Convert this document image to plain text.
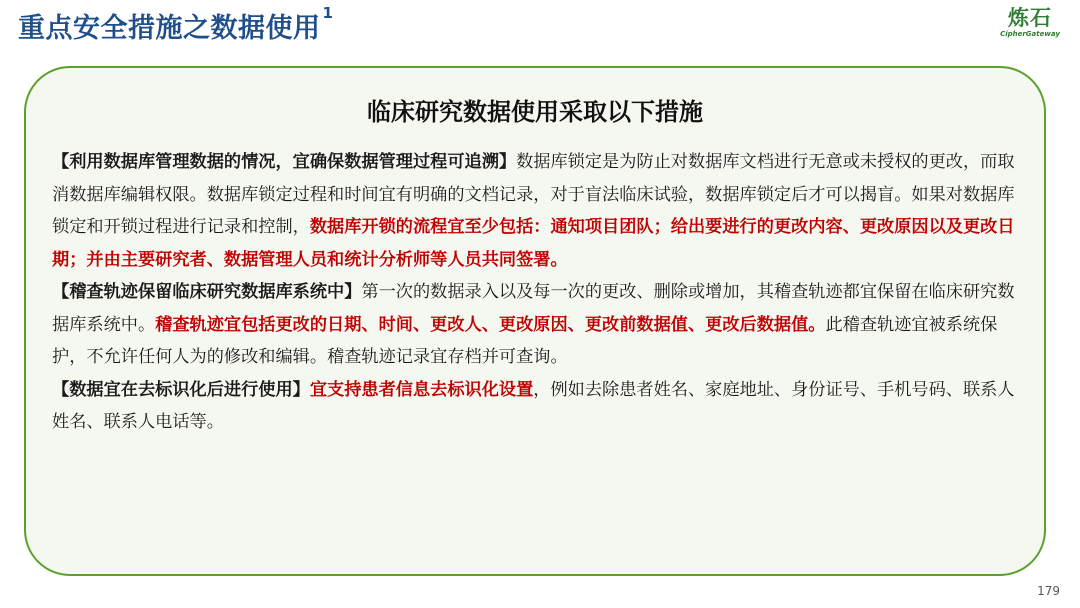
重点安全措施之数据使用 $^1$	炼石
CipherGateway
临床研究数据使用采取以下措施

【利用数据库管理数据的情况，宜确保数据管理过程可追溯】数据库锁定是为防止对数据库文档进行无意或未授权的更改，而取消数据库编辑权限。数据库锁定过程和时间宜有明确的文档记录，对于盲法临床试验，数据库锁定后才可以揭盲。如果对数据库锁定和开锁过程进行记录和控制，数据库开锁的流程宜至少包括：通知项目团队；给出要进行的更改内容、更改原因以及更改日期；并由主要研究者、数据管理人员和统计分析师等人员共同签署。

【稽查轨迹保留临床研究数据库系统中】第一次的数据录入以及每一次的更改、删除或增加，其稽查轨迹都宜保留在临床研究数据库系统中。稽查轨迹宜包括更改的日期、时间、更改人、更改原因、更改前数据值、更改后数据值。此稽查轨迹宜被系统保护，不允许任何人为的修改和编辑。稽查轨迹记录宜存档并可查询。

【数据宜在去标识化后进行使用】宜支持患者信息去标识化设置，例如去除患者姓名、家庭地址、身份证号、手机号码、联系人姓名、联系人电话等。

179
